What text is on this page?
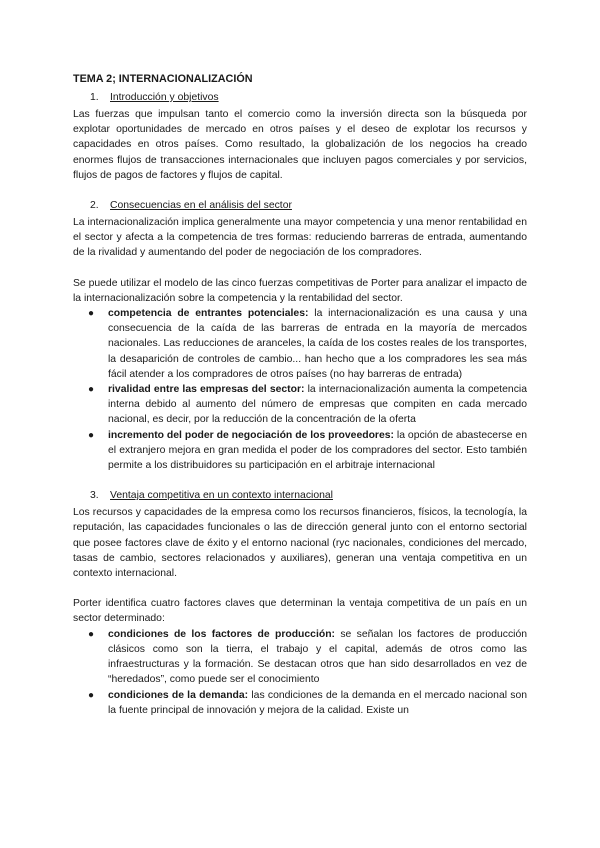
TEMA 2; INTERNACIONALIZACIÓN
1. Introducción y objetivos

Las fuerzas que impulsan tanto el comercio como la inversión directa son la búsqueda por explotar oportunidades de mercado en otros países y el deseo de explotar los recursos y capacidades en otros países. Como resultado, la globalización de los negocios ha creado enormes flujos de transacciones internacionales que incluyen pagos comerciales y por servicios, flujos de pagos de factores y flujos de capital.

2. Consecuencias en el análisis del sector

La internacionalización implica generalmente una mayor competencia y una menor rentabilidad en el sector y afecta a la competencia de tres formas: reduciendo barreras de entrada, aumentando de la rivalidad y aumentando del poder de negociación de los compradores.

Se puede utilizar el modelo de las cinco fuerzas competitivas de Porter para analizar el impacto de la internacionalización sobre la competencia y la rentabilidad del sector.

● competencia de entrantes potenciales: la internacionalización es una causa y una consecuencia de la caída de las barreras de entrada en la mayoría de mercados nacionales. Las reducciones de aranceles, la caída de los costes reales de los transportes, la desaparición de controles de cambio... han hecho que a los compradores les sea más fácil atender a los compradores de otros países (no hay barreras de entrada)
● rivalidad entre las empresas del sector: la internacionalización aumenta la competencia interna debido al aumento del número de empresas que compiten en cada mercado nacional, es decir, por la reducción de la concentración de la oferta
● incremento del poder de negociación de los proveedores: la opción de abastecerse en el extranjero mejora en gran medida el poder de los compradores del sector. Esto también permite a los distribuidores su participación en el arbitraje internacional
3. Ventaja competitiva en un contexto internacional

Los recursos y capacidades de la empresa como los recursos financieros, físicos, la tecnología, la reputación, las capacidades funcionales o las de dirección general junto con el entorno sectorial que posee factores clave de éxito y el entorno nacional (ryc nacionales, condiciones del mercado, tasas de cambio, sectores relacionados y auxiliares), generan una ventaja competitiva en un contexto internacional.

Porter identifica cuatro factores claves que determinan la ventaja competitiva de un país en un sector determinado:

● condiciones de los factores de producción: se señalan los factores de producción clásicos como son la tierra, el trabajo y el capital, además de otros como las infraestructuras y la formación. Se destacan otros que han sido desarrollados en vez de “heredados”, como puede ser el conocimiento
● condiciones de la demanda: las condiciones de la demanda en el mercado nacional son la fuente principal de innovación y mejora de la calidad. Existe un
